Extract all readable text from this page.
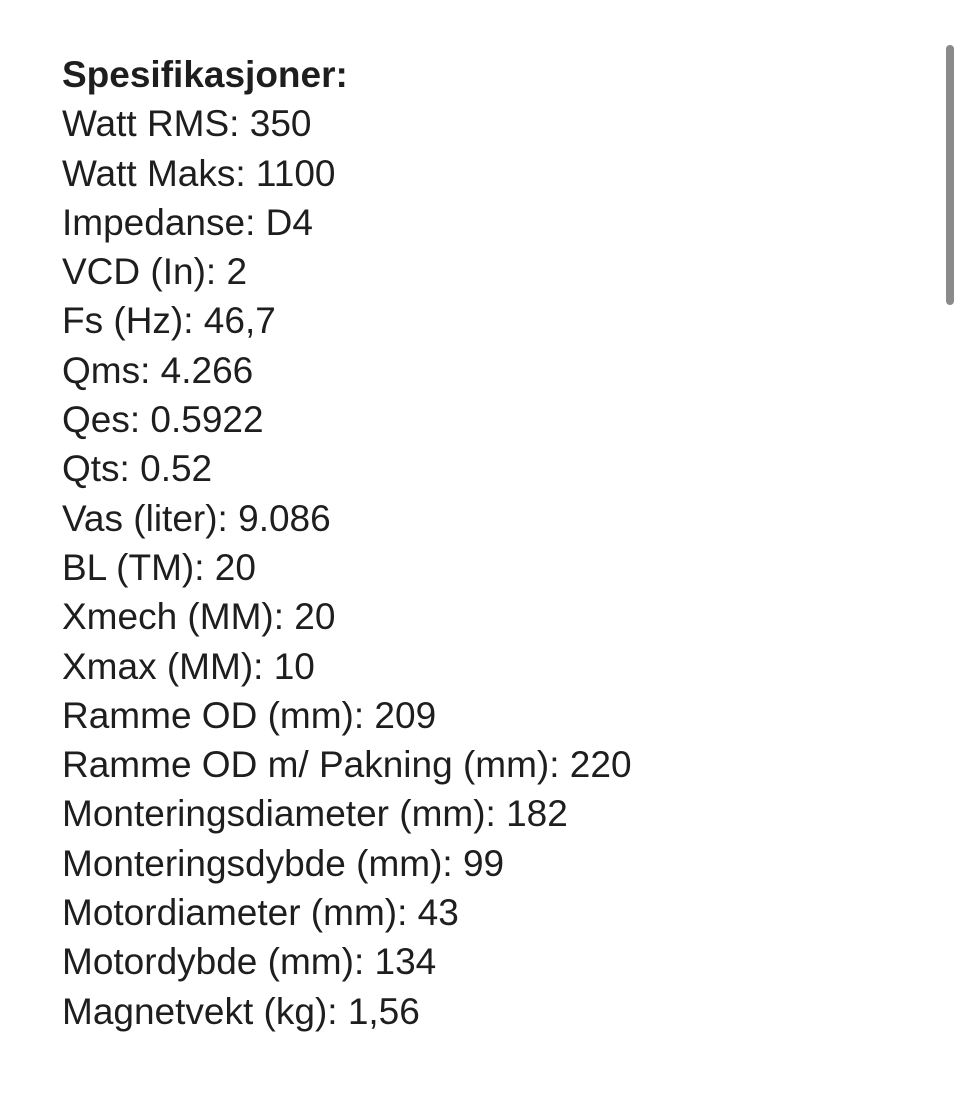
Spesifikasjoner:

Watt RMS: 350
Watt Maks: 1100
Impedanse: D4
VCD (In): 2
Fs (Hz): 46,7
Qms: 4.266
Qes: 0.5922
Qts: 0.52
Vas (liter): 9.086
BL (TM): 20
Xmech (MM): 20
Xmax (MM): 10
Ramme OD (mm): 209
Ramme OD m/ Pakning (mm): 220
Monteringsdiameter (mm): 182
Monteringsdybde (mm): 99
Motordiameter (mm): 43
Motordybde (mm): 134
Magnetvekt (kg): 1,56
